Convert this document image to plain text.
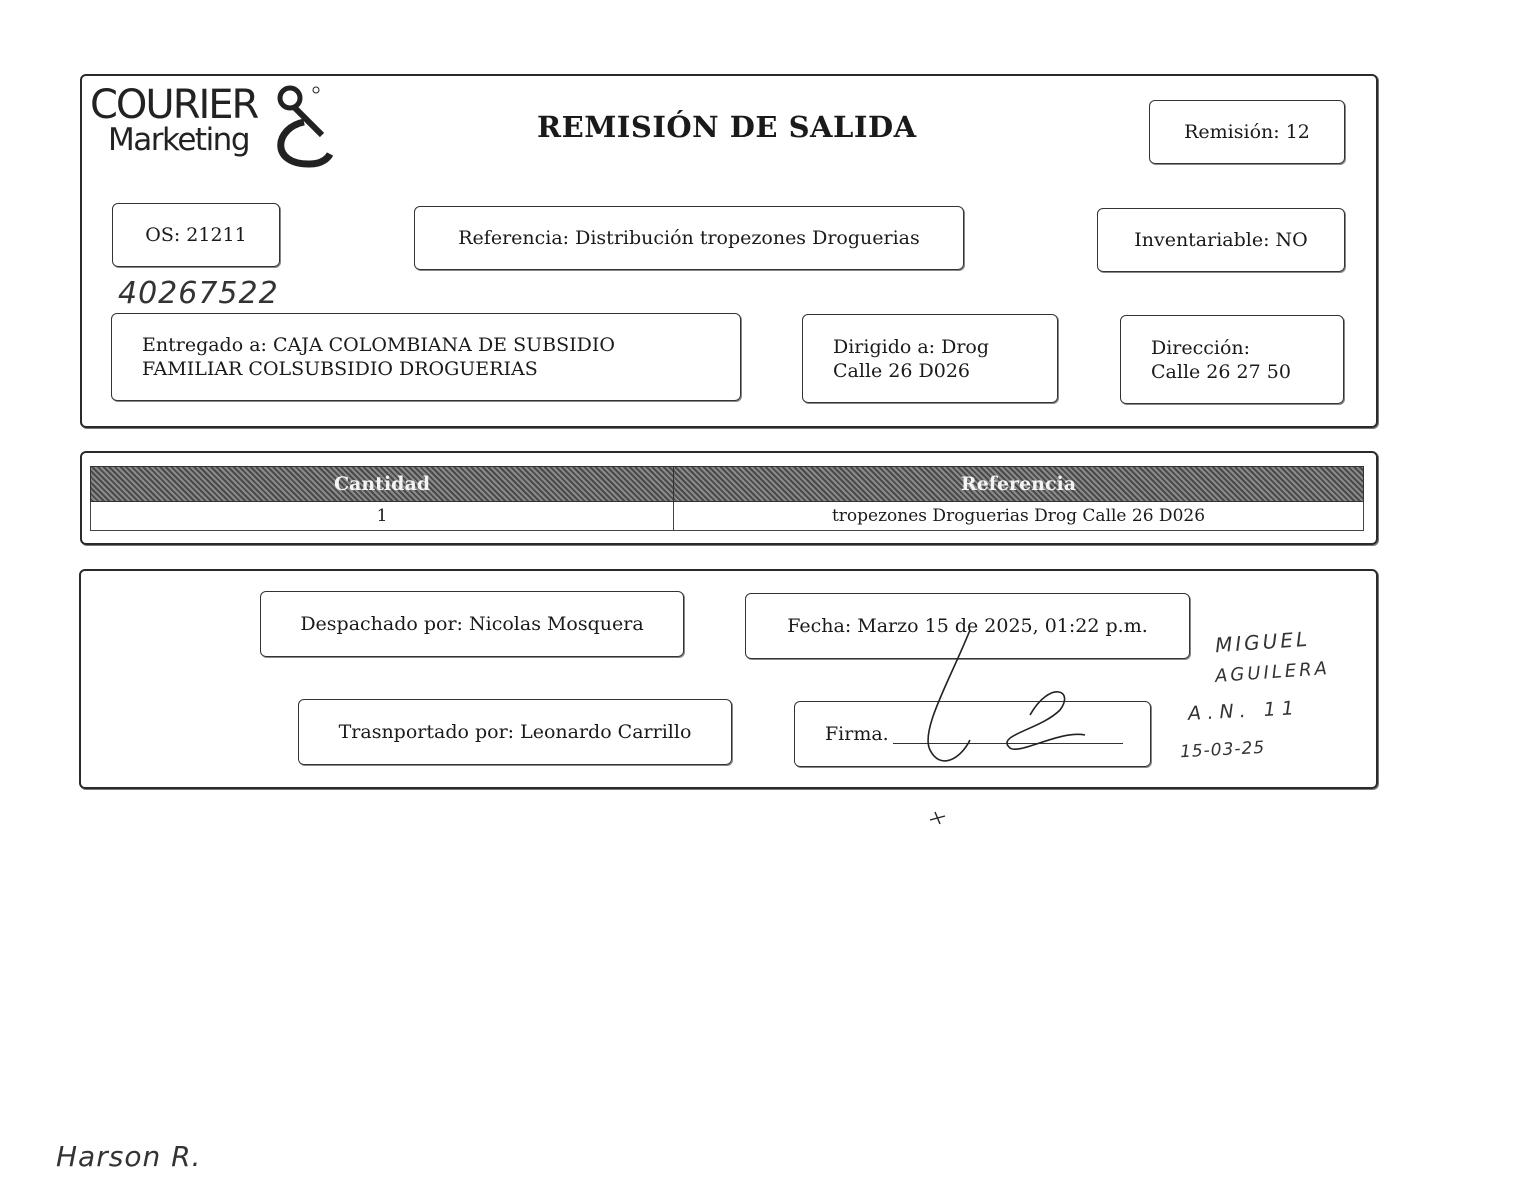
COURIER
Marketing	REMISIÓN DE SALIDA	Remisión: 12
OS: 21211	Referencia: Distribución tropezones Droguerias	Inventariable: NO
40267522
Entregado a: CAJA COLOMBIANA DE SUBSIDIO
FAMILIAR COLSUBSIDIO DROGUERIAS
Dirigido a: Drog
Calle 26 D026
Dirección:
Calle 26 27 50
Cantidad	Referencia
1	tropezones Droguerias Drog Calle 26 D026
Despachado por: Nicolas Mosquera	Fecha: Marzo 15 de 2025, 01:22 p.m.
Trasnportado por: Leonardo Carrillo	Firma.
MIGUEL
AGUILERA
A.N. 11
15-03-25
Harson R.
